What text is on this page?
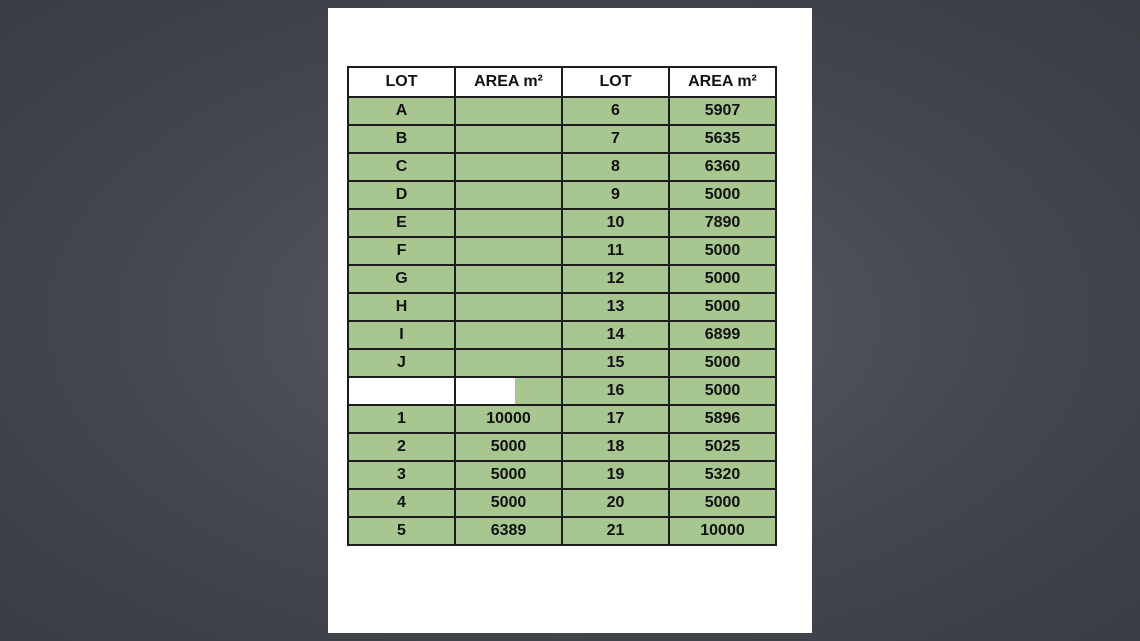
LOT	AREA m²	LOT	AREA m²
A		6	5907
B		7	5635
C		8	6360
D		9	5000
E		10	7890
F		11	5000
G		12	5000
H		13	5000
I		14	6899
J		15	5000
		16	5000
1	10000	17	5896
2	5000	18	5025
3	5000	19	5320
4	5000	20	5000
5	6389	21	10000
